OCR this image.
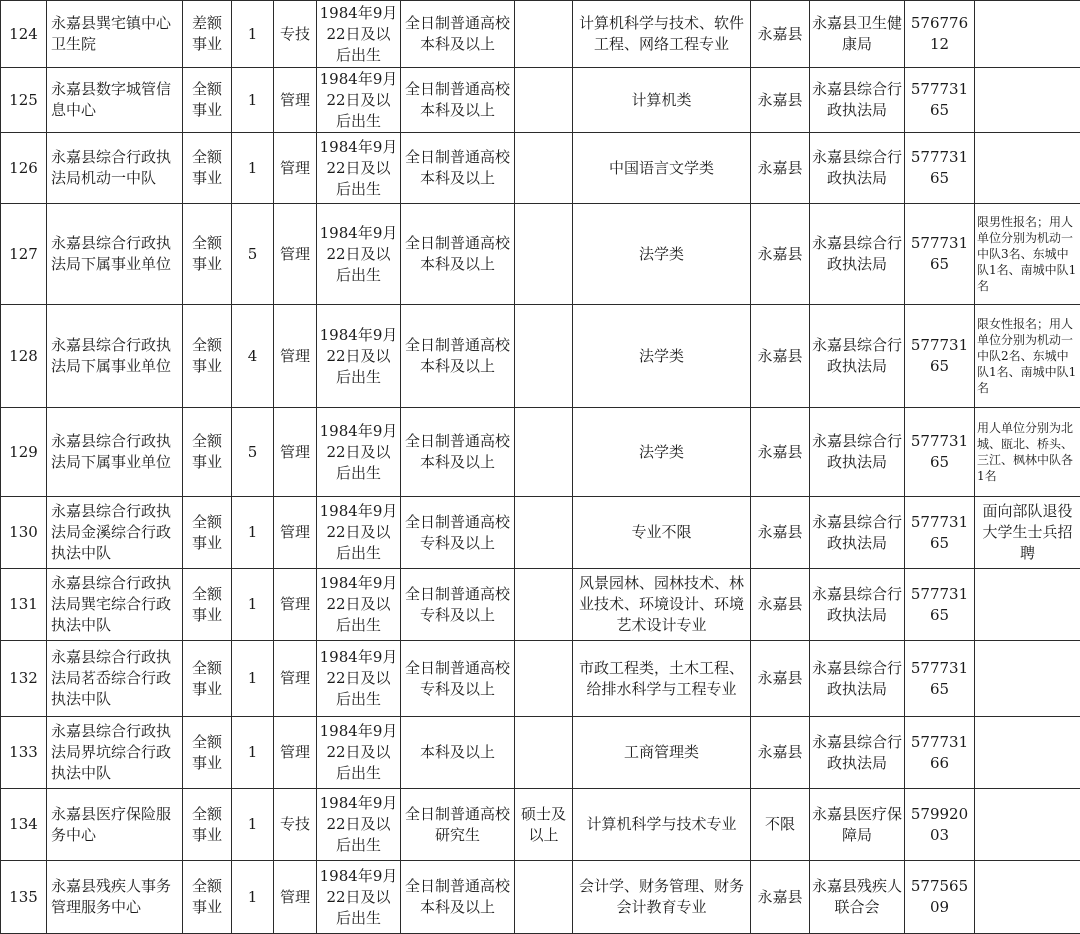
124	永嘉县巽宅镇中心卫生院	差额事业	1	专技	1984年9月22日及以后出生	全日制普通高校本科及以上		计算机科学与技术、软件工程、网络工程专业	永嘉县	永嘉县卫生健康局	57677612	
125	永嘉县数字城管信息中心	全额事业	1	管理	1984年9月22日及以后出生	全日制普通高校本科及以上		计算机类	永嘉县	永嘉县综合行政执法局	57773165	
126	永嘉县综合行政执法局机动一中队	全额事业	1	管理	1984年9月22日及以后出生	全日制普通高校本科及以上		中国语言文学类	永嘉县	永嘉县综合行政执法局	57773165	
127	永嘉县综合行政执法局下属事业单位	全额事业	5	管理	1984年9月22日及以后出生	全日制普通高校本科及以上		法学类	永嘉县	永嘉县综合行政执法局	57773165	限男性报名；用人单位分别为机动一中队3名、东城中队1名、南城中队1名
128	永嘉县综合行政执法局下属事业单位	全额事业	4	管理	1984年9月22日及以后出生	全日制普通高校本科及以上		法学类	永嘉县	永嘉县综合行政执法局	57773165	限女性报名；用人单位分别为机动一中队2名、东城中队1名、南城中队1名
129	永嘉县综合行政执法局下属事业单位	全额事业	5	管理	1984年9月22日及以后出生	全日制普通高校本科及以上		法学类	永嘉县	永嘉县综合行政执法局	57773165	用人单位分别为北城、瓯北、桥头、三江、枫林中队各1名
130	永嘉县综合行政执法局金溪综合行政执法中队	全额事业	1	管理	1984年9月22日及以后出生	全日制普通高校专科及以上		专业不限	永嘉县	永嘉县综合行政执法局	57773165	面向部队退役大学生士兵招聘
131	永嘉县综合行政执法局巽宅综合行政执法中队	全额事业	1	管理	1984年9月22日及以后出生	全日制普通高校专科及以上		风景园林、园林技术、林业技术、环境设计、环境艺术设计专业	永嘉县	永嘉县综合行政执法局	57773165	
132	永嘉县综合行政执法局茗岙综合行政执法中队	全额事业	1	管理	1984年9月22日及以后出生	全日制普通高校专科及以上		市政工程类，土木工程、给排水科学与工程专业	永嘉县	永嘉县综合行政执法局	57773165	
133	永嘉县综合行政执法局界坑综合行政执法中队	全额事业	1	管理	1984年9月22日及以后出生	本科及以上		工商管理类	永嘉县	永嘉县综合行政执法局	57773166	
134	永嘉县医疗保险服务中心	全额事业	1	专技	1984年9月22日及以后出生	全日制普通高校研究生	硕士及以上	计算机科学与技术专业	不限	永嘉县医疗保障局	57992003	
135	永嘉县残疾人事务管理服务中心	全额事业	1	管理	1984年9月22日及以后出生	全日制普通高校本科及以上		会计学、财务管理、财务会计教育专业	永嘉县	永嘉县残疾人联合会	57756509	
